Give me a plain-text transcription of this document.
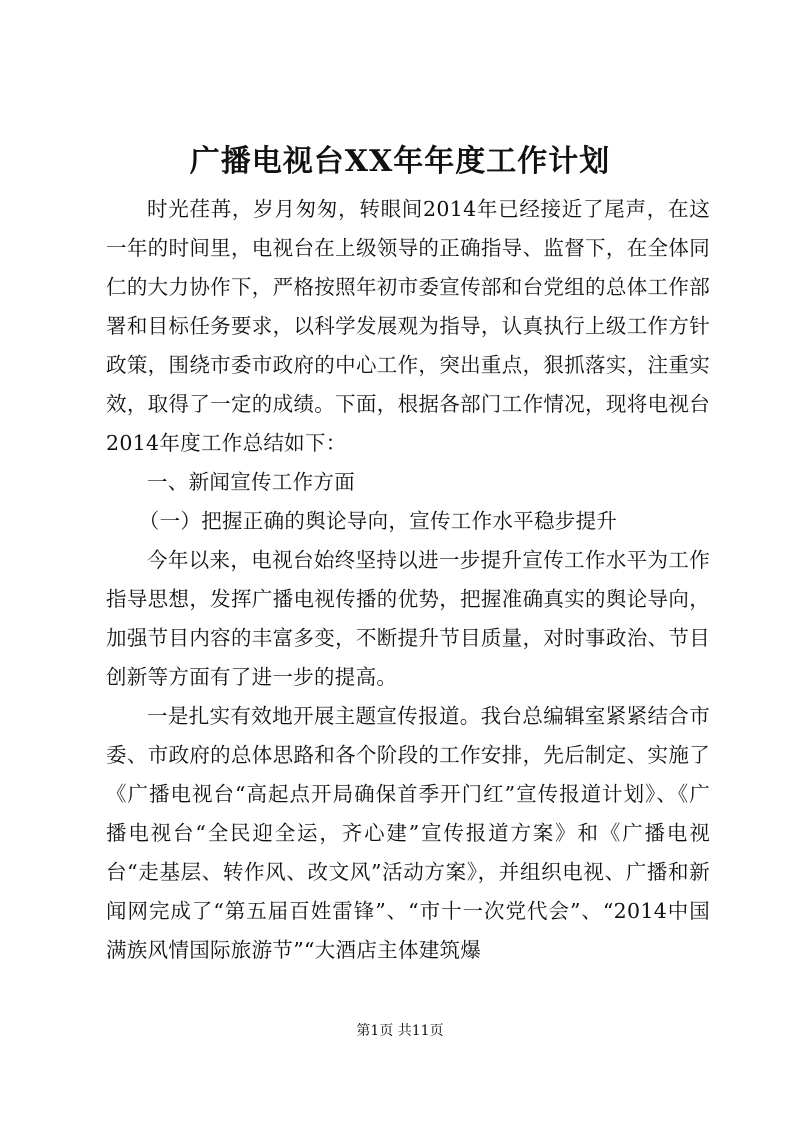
广播电视台XX年年度工作计划

时光荏苒，岁月匆匆，转眼间2014年已经接近了尾声，在这一年的时间里，电视台在上级领导的正确指导、监督下，在全体同仁的大力协作下，严格按照年初市委宣传部和台党组的总体工作部署和目标任务要求，以科学发展观为指导，认真执行上级工作方针政策，围绕市委市政府的中心工作，突出重点，狠抓落实，注重实效，取得了一定的成绩。下面，根据各部门工作情况，现将电视台2014年度工作总结如下：

一、新闻宣传工作方面

（一）把握正确的舆论导向，宣传工作水平稳步提升

今年以来，电视台始终坚持以进一步提升宣传工作水平为工作指导思想，发挥广播电视传播的优势，把握准确真实的舆论导向，加强节目内容的丰富多变，不断提升节目质量，对时事政治、节目创新等方面有了进一步的提高。

一是扎实有效地开展主题宣传报道。我台总编辑室紧紧结合市委、市政府的总体思路和各个阶段的工作安排，先后制定、实施了《广播电视台“高起点开局确保首季开门红”宣传报道计划》、《广播电视台“全民迎全运，齐心建”宣传报道方案》和《广播电视台“走基层、转作风、改文风”活动方案》，并组织电视、广播和新闻网完成了“第五届百姓雷锋”、“市十一次党代会”、“2014中国满族风情国际旅游节”“大酒店主体建筑爆

第1页 共11页
